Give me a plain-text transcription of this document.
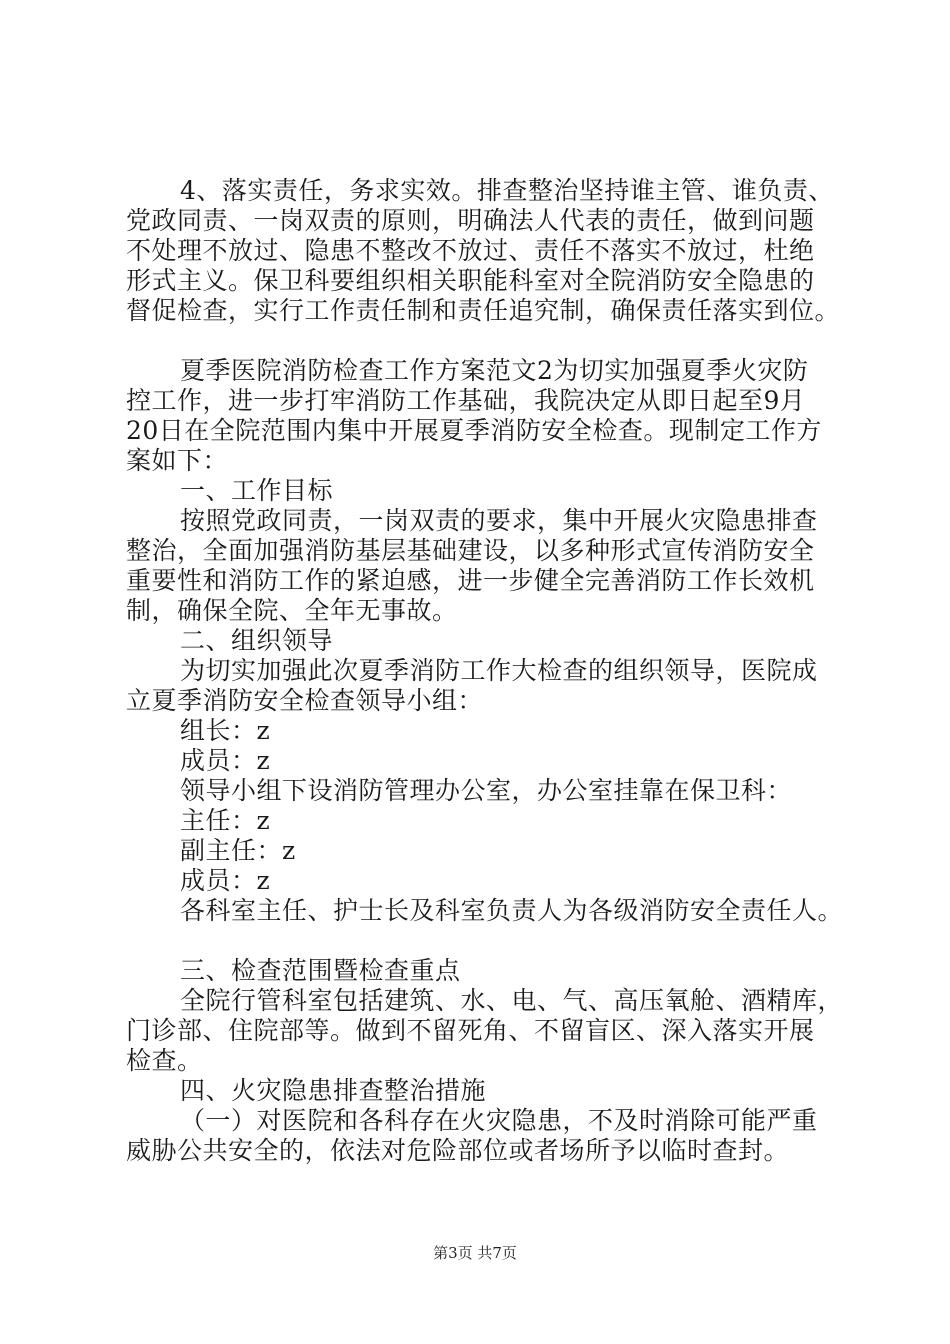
4、落实责任，务求实效。排查整治坚持谁主管、谁负责、
党政同责、一岗双责的原则，明确法人代表的责任，做到问题
不处理不放过、隐患不整改不放过、责任不落实不放过，杜绝
形式主义。保卫科要组织相关职能科室对全院消防安全隐患的
督促检查，实行工作责任制和责任追究制，确保责任落实到位。
夏季医院消防检查工作方案范文2为切实加强夏季火灾防
控工作，进一步打牢消防工作基础，我院决定从即日起至9月
20日在全院范围内集中开展夏季消防安全检查。现制定工作方
案如下：
一、工作目标
按照党政同责，一岗双责的要求，集中开展火灾隐患排查
整治，全面加强消防基层基础建设，以多种形式宣传消防安全
重要性和消防工作的紧迫感，进一步健全完善消防工作长效机
制，确保全院、全年无事故。
二、组织领导
为切实加强此次夏季消防工作大检查的组织领导，医院成
立夏季消防安全检查领导小组：
组长：z
成员：z
领导小组下设消防管理办公室，办公室挂靠在保卫科：
主任：z
副主任：z
成员：z
各科室主任、护士长及科室负责人为各级消防安全责任人。
三、检查范围暨检查重点
全院行管科室包括建筑、水、电、气、高压氧舱、酒精库，
门诊部、住院部等。做到不留死角、不留盲区、深入落实开展
检查。
四、火灾隐患排查整治措施
（一）对医院和各科存在火灾隐患，不及时消除可能严重
威胁公共安全的，依法对危险部位或者场所予以临时查封。
第3页 共7页
